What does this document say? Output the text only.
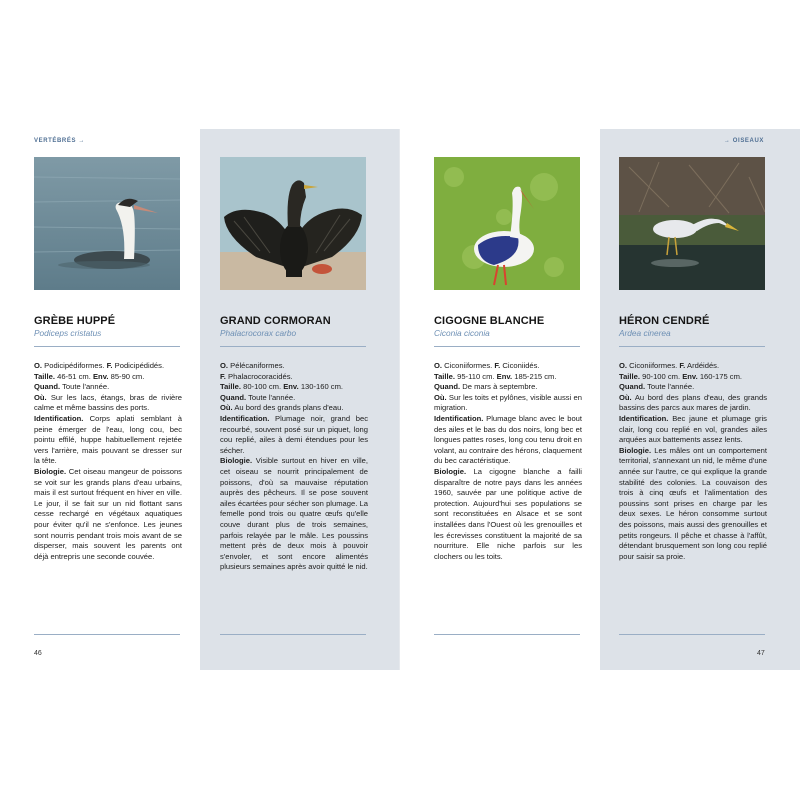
VERTÉBRÉS →	→ OISEAUX
GRÈBE HUPPÉ
Podiceps cristatus

O. Podicipédiformes. F. Podicipédidés.

Taille. 46-51 cm. Env. 85-90 cm.

Quand. Toute l'année.

Où. Sur les lacs, étangs, bras de rivière calme et même bassins des ports.

Identification. Corps aplati semblant à peine émerger de l'eau, long cou, bec pointu effilé, huppe habituellement rejetée vers l'arrière, mais pouvant se dresser sur la tête.

Biologie. Cet oiseau mangeur de poissons se voit sur les grands plans d'eau urbains, mais il est surtout fréquent en hiver en ville. Le jour, il se fait sur un nid flottant sans cesse rechargé en végétaux aquatiques pour éviter qu'il ne s'enfonce. Les jeunes sont nourris pendant trois mois avant de se disperser, mais souvent les parents ont déjà entrepris une seconde couvée.

GRAND CORMORAN
Phalacrocorax carbo

O. Pélécaniformes.

F. Phalacrocoracidés.

Taille. 80-100 cm. Env. 130-160 cm.

Quand. Toute l'année.

Où. Au bord des grands plans d'eau.

Identification. Plumage noir, grand bec recourbé, souvent posé sur un piquet, long cou replié, ailes à demi étendues pour les sécher.

Biologie. Visible surtout en hiver en ville, cet oiseau se nourrit principalement de poissons, d'où sa mauvaise réputation auprès des pêcheurs. Il se pose souvent ailes écartées pour sécher son plumage. La femelle pond trois ou quatre œufs qu'elle couve durant plus de trois semaines, parfois relayée par le mâle. Les poussins mettent près de deux mois à pouvoir s'envoler, et sont encore alimentés plusieurs semaines après avoir quitté le nid.

CIGOGNE BLANCHE
Ciconia ciconia

O. Ciconiiformes. F. Ciconiidés.

Taille. 95-110 cm. Env. 185-215 cm.

Quand. De mars à septembre.

Où. Sur les toits et pylônes, visible aussi en migration.

Identification. Plumage blanc avec le bout des ailes et le bas du dos noirs, long bec et longues pattes roses, long cou tenu droit en volant, au contraire des hérons, claquement du bec caractéristique.

Biologie. La cigogne blanche a failli disparaître de notre pays dans les années 1960, sauvée par une politique active de protection. Aujourd'hui ses populations se sont reconstituées en Alsace et se sont installées dans l'Ouest où les grenouilles et les écrevisses constituent la majorité de sa nourriture. Elle niche parfois sur les clochers ou les toits.

HÉRON CENDRÉ
Ardea cinerea

O. Ciconiiformes. F. Ardéidés.

Taille. 90-100 cm. Env. 160-175 cm.

Quand. Toute l'année.

Où. Au bord des plans d'eau, des grands bassins des parcs aux mares de jardin.

Identification. Bec jaune et plumage gris clair, long cou replié en vol, grandes ailes arquées aux battements assez lents.

Biologie. Les mâles ont un comportement territorial, s'annexant un nid, le même d'une année sur l'autre, ce qui explique la grande stabilité des colonies. La couvaison des trois à cinq œufs et l'alimentation des poussins sont prises en charge par les deux sexes. Le héron consomme surtout des poissons, mais aussi des grenouilles et petits rongeurs. Il pêche et chasse à l'affût, détendant brusquement son long cou replié pour saisir sa proie.

46	47
